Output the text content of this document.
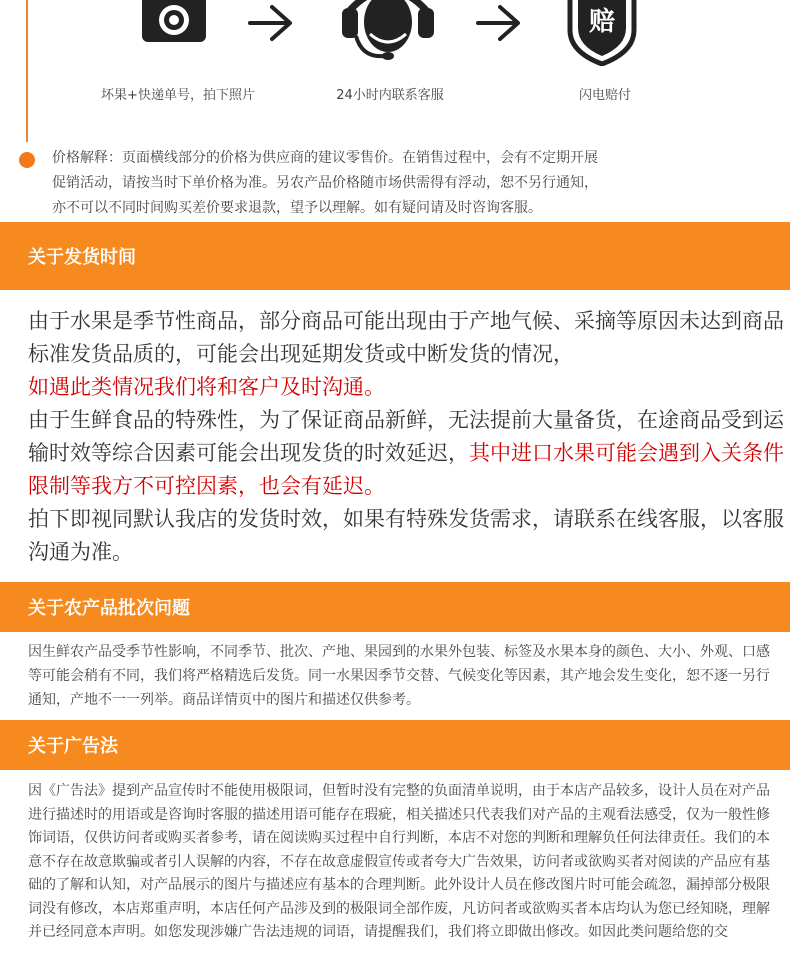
赔
坏果+快递单号，拍下照片	24小时内联系客服	闪电赔付
价格解释：页面横线部分的价格为供应商的建议零售价。在销售过程中，会有不定期开展
促销活动，请按当时下单价格为准。另农产品价格随市场供需得有浮动，恕不另行通知，
亦不可以不同时间购买差价要求退款，望予以理解。如有疑问请及时咨询客服。
关于发货时间
由于水果是季节性商品，部分商品可能出现由于产地气候、采摘等原因未达到商品标准发货品质的，可能会出现延期发货或中断发货的情况，
如遇此类情况我们将和客户及时沟通。
由于生鲜食品的特殊性，为了保证商品新鲜，无法提前大量备货，在途商品受到运输时效等综合因素可能会出现发货的时效延迟，其中进口水果可能会遇到入关条件限制等我方不可控因素，也会有延迟。
拍下即视同默认我店的发货时效，如果有特殊发货需求，请联系在线客服，以客服沟通为准。
关于农产品批次问题
因生鲜农产品受季节性影响，不同季节、批次、产地、果园到的水果外包装、标签及水果本身的颜色、大小、外观、口感等可能会稍有不同，我们将严格精选后发货。同一水果因季节交替、气候变化等因素，其产地会发生变化，恕不逐一另行通知，产地不一一列举。商品详情页中的图片和描述仅供参考。
关于广告法
因《广告法》提到产品宣传时不能使用极限词，但暂时没有完整的负面清单说明，由于本店产品较多，设计人员在对产品进行描述时的用语或是咨询时客服的描述用语可能存在瑕疵，相关描述只代表我们对产品的主观看法感受，仅为一般性修饰词语，仅供访问者或购买者参考，请在阅读购买过程中自行判断，本店不对您的判断和理解负任何法律责任。我们的本意不存在故意欺骗或者引人误解的内容，不存在故意虚假宣传或者夸大广告效果，访问者或欲购买者对阅读的产品应有基础的了解和认知，对产品展示的图片与描述应有基本的合理判断。此外设计人员在修改图片时可能会疏忽，漏掉部分极限词没有修改，本店郑重声明，本店任何产品涉及到的极限词全部作废，凡访问者或欲购买者本店均认为您已经知晓，理解并已经同意本声明。如您发现涉嫌广告法违规的词语，请提醒我们，我们将立即做出修改。如因此类问题给您的交
